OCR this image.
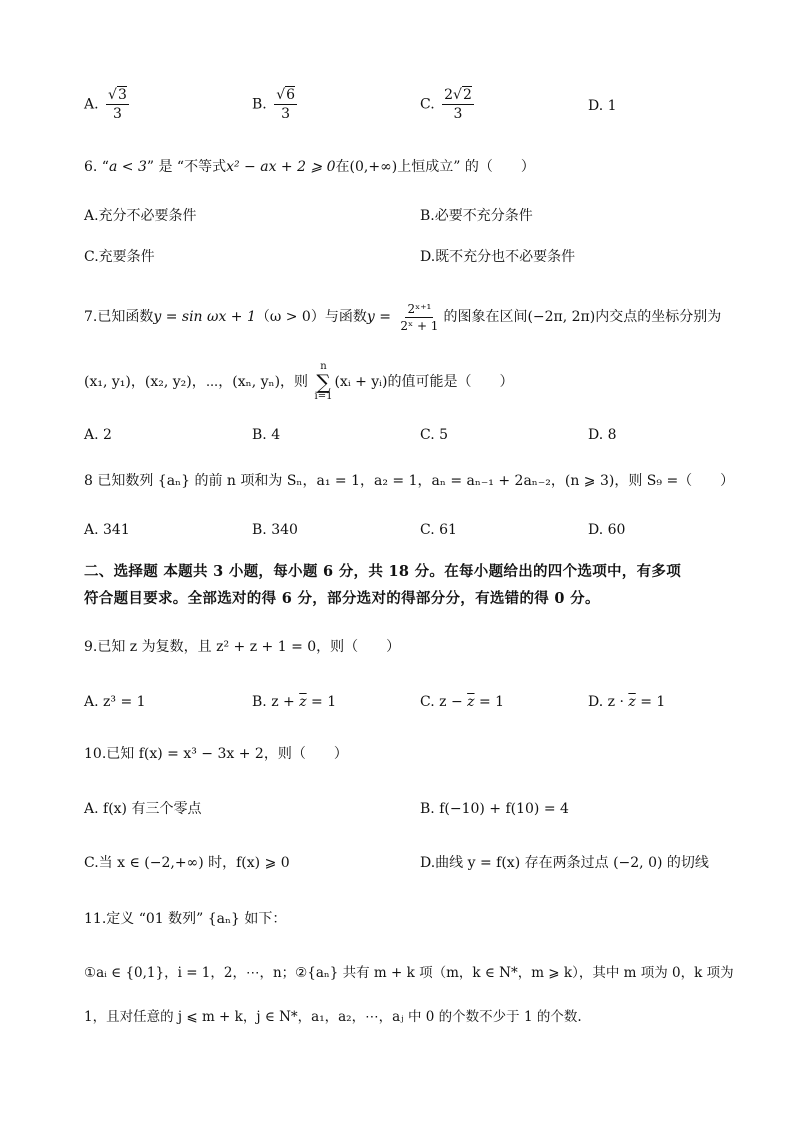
A. $\frac{√3}{3}$	B. $\frac{√6}{3}$	C. $\frac{2√2}{3}$	D. 1
6. “a < 3” 是 “不等式x² − ax + 2 ⩾ 0在(0,+∞)上恒成立” 的（　　）
A.充分不必要条件	B.必要不充分条件
C.充要条件	D.既不充分也不必要条件
7.已知函数y = sin ωx + 1（ω > 0）与函数$y = \frac{\text{2ˣ⁺¹}}{\text{2ˣ + 1}}$ 的图象在区间(−2π, 2π)内交点的坐标分别为
(x₁, y₁)，(x₂, y₂)，⋯，(xₙ, yₙ)，则
n
∑
i=1
(xᵢ + yᵢ)的值可能是（　　）
A. 2	B. 4	C. 5	D. 8
8 已知数列 {aₙ} 的前 n 项和为 Sₙ，a₁ = 1，a₂ = 1，aₙ = aₙ₋₁ + 2aₙ₋₂，(n ⩾ 3)，则 S₉ =（　　）
A. 341	B. 340	C. 61	D. 60
二、选择题 本题共 3 小题，每小题 6 分，共 18 分。在每小题给出的四个选项中，有多项
符合题目要求。全部选对的得 6 分，部分选对的得部分分，有选错的得 0 分。
9.已知 z 为复数，且 z² + z + 1 = 0，则（　　）
A. z³ = 1	B. $z + \overline{z} = 1$	C. $z - \overline{z} = 1$	D. $z \cdot \overline{z} = 1$
10.已知 f(x) = x³ − 3x + 2，则（　　）
A. f(x) 有三个零点	B. f(−10) + f(10) = 4
C.当 x ∈ (−2,+∞) 时，f(x) ⩾ 0	D.曲线 y = f(x) 存在两条过点 (−2, 0) 的切线
11.定义 “01 数列” {aₙ} 如下：
①aᵢ ∈ {0,1}，i = 1，2，⋯，n；②{aₙ} 共有 m + k 项（m，k ∈ N*，m ⩾ k），其中 m 项为 0，k 项为
1，且对任意的 j ⩽ m + k，j ∈ N*，a₁，a₂，⋯，aⱼ 中 0 的个数不少于 1 的个数.
